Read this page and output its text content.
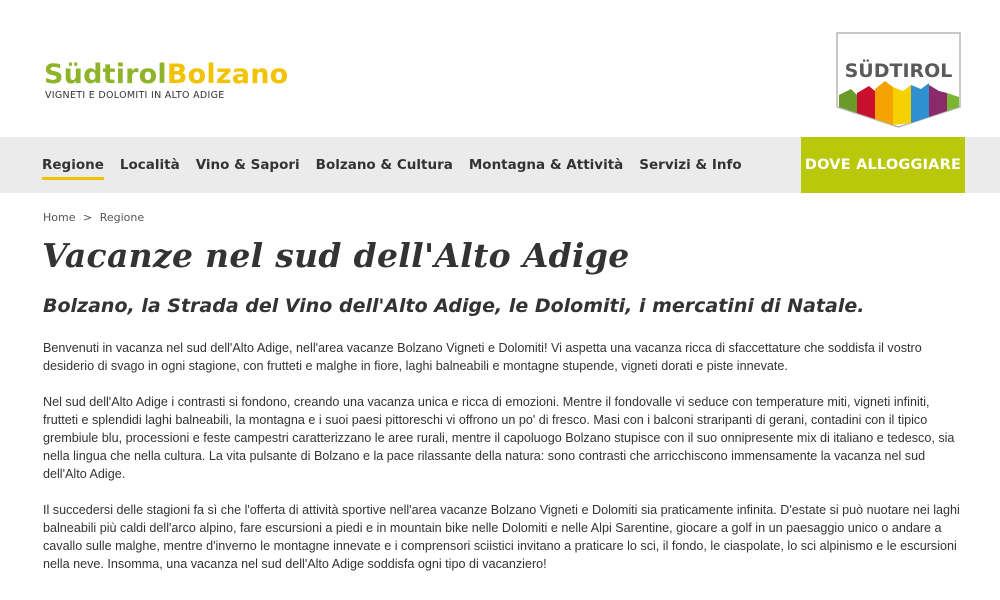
SüdtirolBolzano
VIGNETI E DOLOMITI IN ALTO ADIGE
SÜDTIROL
Regione Località Vino & Sapori Bolzano & Cultura Montagna & Attività Servizi & Info	DOVE ALLOGGIARE
Home > Regione
Vacanze nel sud dell'Alto Adige
Bolzano, la Strada del Vino dell'Alto Adige, le Dolomiti, i mercatini di Natale.

Benvenuti in vacanza nel sud dell'Alto Adige, nell'area vacanze Bolzano Vigneti e Dolomiti! Vi aspetta una vacanza ricca di sfaccettature che soddisfa il vostro desiderio di svago in ogni stagione, con frutteti e malghe in fiore, laghi balneabili e montagne stupende, vigneti dorati e piste innevate.

Nel sud dell'Alto Adige i contrasti si fondono, creando una vacanza unica e ricca di emozioni. Mentre il fondovalle vi seduce con temperature miti, vigneti infiniti, frutteti e splendidi laghi balneabili, la montagna e i suoi paesi pittoreschi vi offrono un po' di fresco. Masi con i balconi straripanti di gerani, contadini con il tipico grembiule blu, processioni e feste campestri caratterizzano le aree rurali, mentre il capoluogo Bolzano stupisce con il suo onnipresente mix di italiano e tedesco, sia nella lingua che nella cultura. La vita pulsante di Bolzano e la pace rilassante della natura: sono contrasti che arricchiscono immensamente la vacanza nel sud dell'Alto Adige.

Il succedersi delle stagioni fa sì che l'offerta di attività sportive nell'area vacanze Bolzano Vigneti e Dolomiti sia praticamente infinita. D'estate si può nuotare nei laghi balneabili più caldi dell'arco alpino, fare escursioni a piedi e in mountain bike nelle Dolomiti e nelle Alpi Sarentine, giocare a golf in un paesaggio unico o andare a cavallo sulle malghe, mentre d'inverno le montagne innevate e i comprensori sciistici invitano a praticare lo sci, il fondo, le ciaspolate, lo sci alpinismo e le escursioni nella neve. Insomma, una vacanza nel sud dell'Alto Adige soddisfa ogni tipo di vacanziero!
